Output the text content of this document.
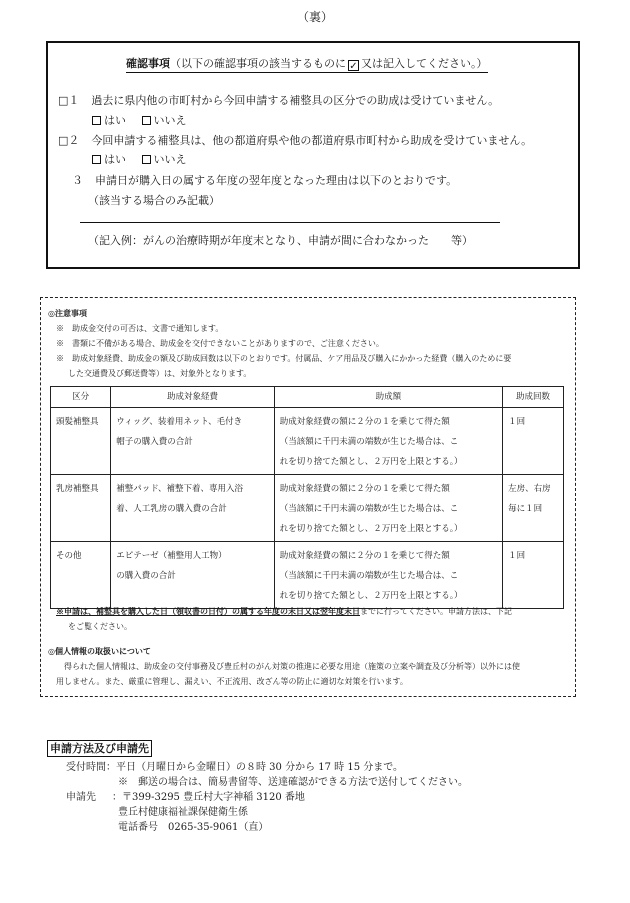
（裏）
確認事項（以下の確認事項の該当するものに ✓ 又は記入してください。）
□１ 過去に県内他の市町村から今回申請する補整具の区分での助成は受けていません。
はい	いいえ
□２ 今回申請する補整具は、他の都道府県や他の都道府県市町村から助成を受けていません。
はい	いいえ
３ 申請日が購入日の属する年度の翌年度となった理由は以下のとおりです。
（該当する場合のみ記載）
（記入例：がんの治療時期が年度末となり、申請が間に合わなかった　　等）
◎注意事項
※　助成金交付の可否は、文書で通知します。
※　書類に不備がある場合、助成金を交付できないことがありますので、ご注意ください。
※　助成対象経費、助成金の額及び助成回数は以下のとおりです。付属品、ケア用品及び購入にかかった経費（購入のために要
した交通費及び郵送費等）は、対象外となります。
区分	助成対象経費	助成額	助成回数
頭髪補整具	ウィッグ、装着用ネット、毛付き
帽子の購入費の合計	助成対象経費の額に２分の１を乗じて得た額
（当該額に千円未満の端数が生じた場合は、こ
れを切り捨てた額とし、２万円を上限とする。）	１回

乳房補整具	補整パッド、補整下着、専用入浴
着、人工乳房の購入費の合計	助成対象経費の額に２分の１を乗じて得た額
（当該額に千円未満の端数が生じた場合は、こ
れを切り捨てた額とし、２万円を上限とする。）	左房、右房
毎に１回

その他	エピテーゼ（補整用人工物）
の購入費の合計	助成対象経費の額に２分の１を乗じて得た額
（当該額に千円未満の端数が生じた場合は、こ
れを切り捨てた額とし、２万円を上限とする。）	１回
※申請は、補整具を購入した日（領収書の日付）の属する年度の末日又は翌年度末日までに行ってください。申請方法は、下記
をご覧ください。
◎個人情報の取扱いについて
得られた個人情報は、助成金の交付事務及び豊丘村のがん対策の推進に必要な用途（施策の立案や調査及び分析等）以外には使
用しません。また、厳重に管理し、漏えい、不正流用、改ざん等の防止に適切な対策を行います。
申請方法及び申請先
受付時間：平日（月曜日から金曜日）の８時 30 分から 17 時 15 分まで。
※　郵送の場合は、簡易書留等、送達確認ができる方法で送付してください。
申請先 ：〒399-3295 豊丘村大字神稲 3120 番地
豊丘村健康福祉課保健衛生係
電話番号　0265-35-9061（直）
